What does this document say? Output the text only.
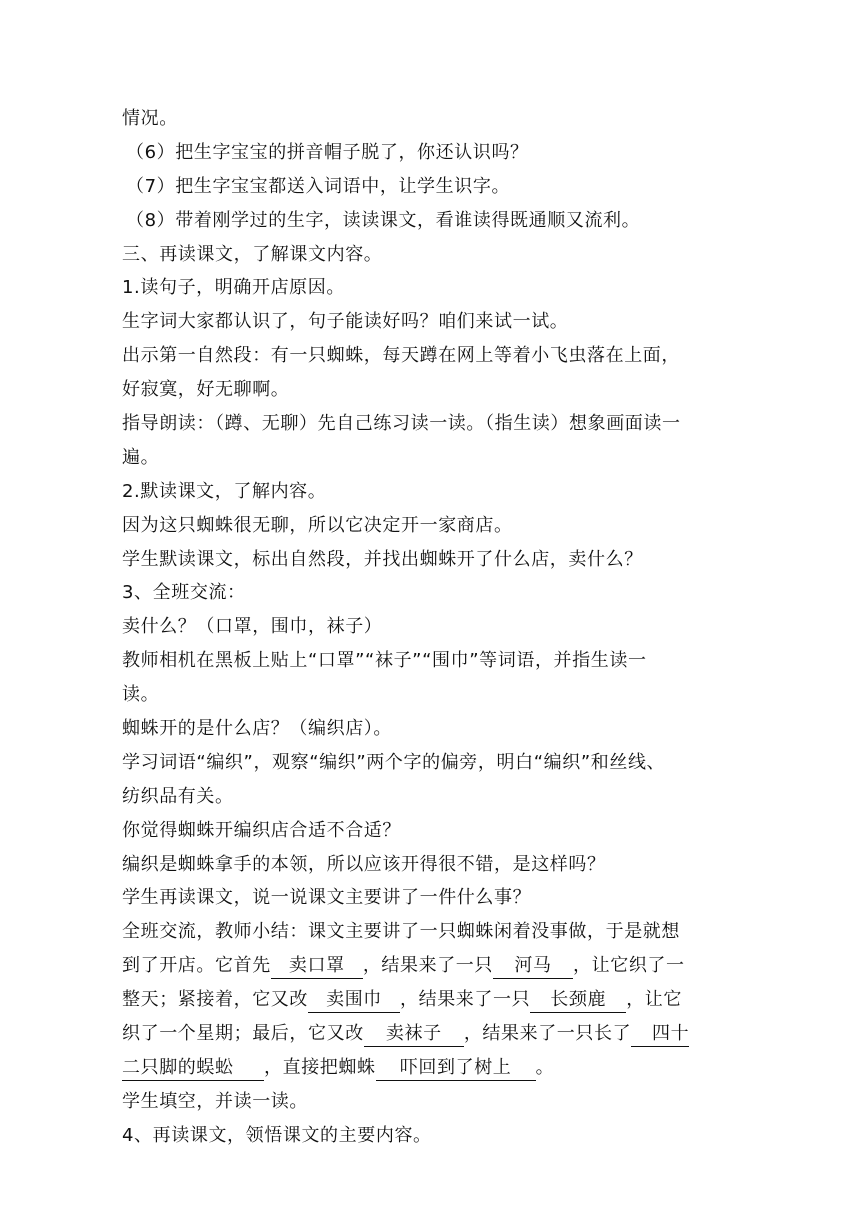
情况。
（6）把生字宝宝的拼音帽子脱了，你还认识吗？
（7）把生字宝宝都送入词语中，让学生识字。
（8）带着刚学过的生字，读读课文，看谁读得既通顺又流利。
三、再读课文，了解课文内容。
1.读句子，明确开店原因。
生字词大家都认识了，句子能读好吗？咱们来试一试。
出示第一自然段：有一只蜘蛛，每天蹲在网上等着小飞虫落在上面，
好寂寞，好无聊啊。
指导朗读：（蹲、无聊）先自己练习读一读。（指生读）想象画面读一
遍。
2.默读课文，了解内容。
因为这只蜘蛛很无聊，所以它决定开一家商店。
学生默读课文，标出自然段，并找出蜘蛛开了什么店，卖什么？
3、全班交流：
卖什么？（口罩，围巾，袜子）
教师相机在黑板上贴上“口罩”“袜子”“围巾”等词语，并指生读一
读。
蜘蛛开的是什么店？（编织店）。
学习词语“编织”，观察“编织”两个字的偏旁，明白“编织”和丝线、
纺织品有关。
你觉得蜘蛛开编织店合适不合适？
编织是蜘蛛拿手的本领，所以应该开得很不错，是这样吗？
学生再读课文，说一说课文主要讲了一件什么事？
全班交流，教师小结：课文主要讲了一只蜘蛛闲着没事做，于是就想
到了开店。它首先 卖口罩 ，结果来了一只 河马 ，让它织了一
整天；紧接着，它又改 卖围巾 ，结果来了一只 长颈鹿 ，让它
织了一个星期；最后，它又改 卖袜子 ，结果来了一只长了 四十
二只脚的蜈蚣 ，直接把蜘蛛 吓回到了树上 。
学生填空，并读一读。
4、再读课文，领悟课文的主要内容。
